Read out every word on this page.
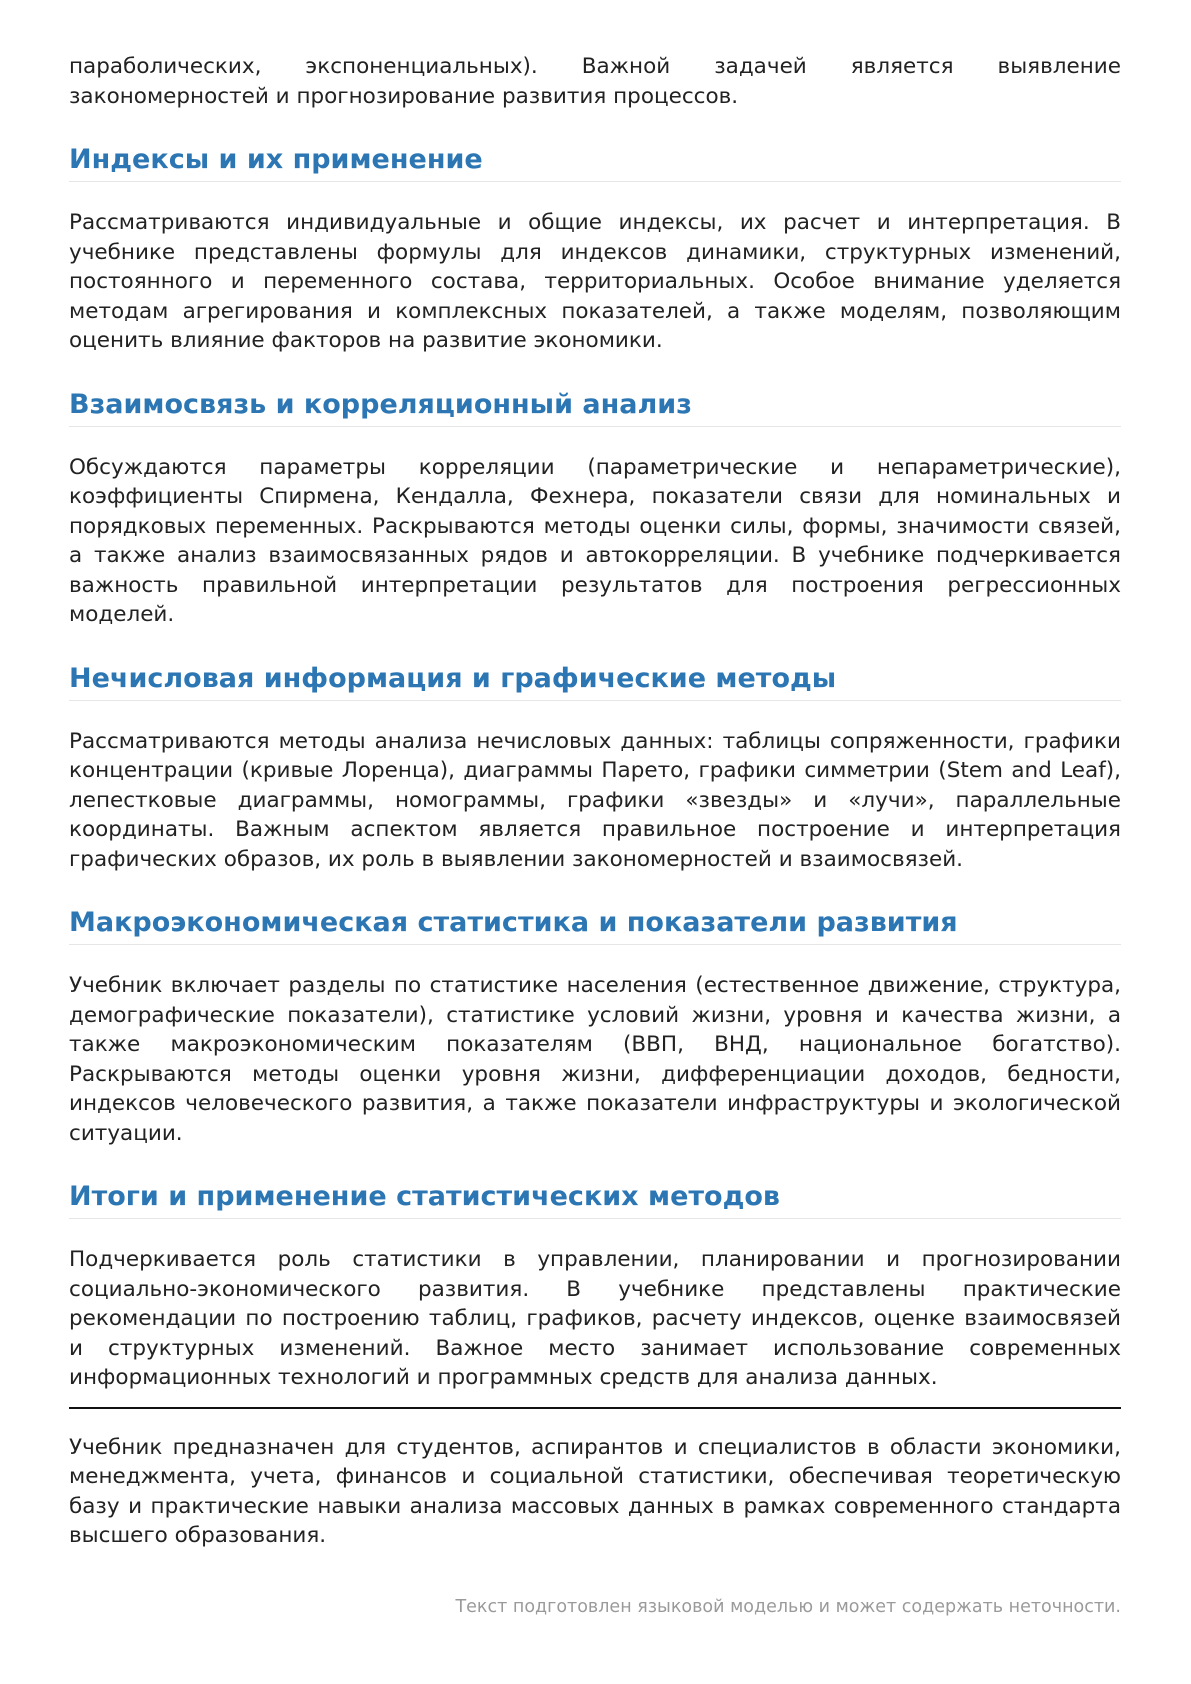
параболических, экспоненциальных). Важной задачей является выявление закономерностей и прогнозирование развития процессов.

Индексы и их применение

Рассматриваются индивидуальные и общие индексы, их расчет и интерпретация. В учебнике представлены формулы для индексов динамики, структурных изменений, постоянного и переменного состава, территориальных. Особое внимание уделяется методам агрегирования и комплексных показателей, а также моделям, позволяющим оценить влияние факторов на развитие экономики.

Взаимосвязь и корреляционный анализ

Обсуждаются параметры корреляции (параметрические и непараметрические), коэффициенты Спирмена, Кендалла, Фехнера, показатели связи для номинальных и порядковых переменных. Раскрываются методы оценки силы, формы, значимости связей, а также анализ взаимосвязанных рядов и автокорреляции. В учебнике подчеркивается важность правильной интерпретации результатов для построения регрессионных моделей.

Нечисловая информация и графические методы

Рассматриваются методы анализа нечисловых данных: таблицы сопряженности, графики концентрации (кривые Лоренца), диаграммы Парето, графики симметрии (Stem and Leaf), лепестковые диаграммы, номограммы, графики «звезды» и «лучи», параллельные координаты. Важным аспектом является правильное построение и интерпретация графических образов, их роль в выявлении закономерностей и взаимосвязей.

Макроэкономическая статистика и показатели развития

Учебник включает разделы по статистике населения (естественное движение, структура, демографические показатели), статистике условий жизни, уровня и качества жизни, а также макроэкономическим показателям (ВВП, ВНД, национальное богатство). Раскрываются методы оценки уровня жизни, дифференциации доходов, бедности, индексов человеческого развития, а также показатели инфраструктуры и экологической ситуации.

Итоги и применение статистических методов

Подчеркивается роль статистики в управлении, планировании и прогнозировании социально-экономического развития. В учебнике представлены практические рекомендации по построению таблиц, графиков, расчету индексов, оценке взаимосвязей и структурных изменений. Важное место занимает использование современных информационных технологий и программных средств для анализа данных.

Учебник предназначен для студентов, аспирантов и специалистов в области экономики, менеджмента, учета, финансов и социальной статистики, обеспечивая теоретическую базу и практические навыки анализа массовых данных в рамках современного стандарта высшего образования.

Текст подготовлен языковой моделью и может содержать неточности.
